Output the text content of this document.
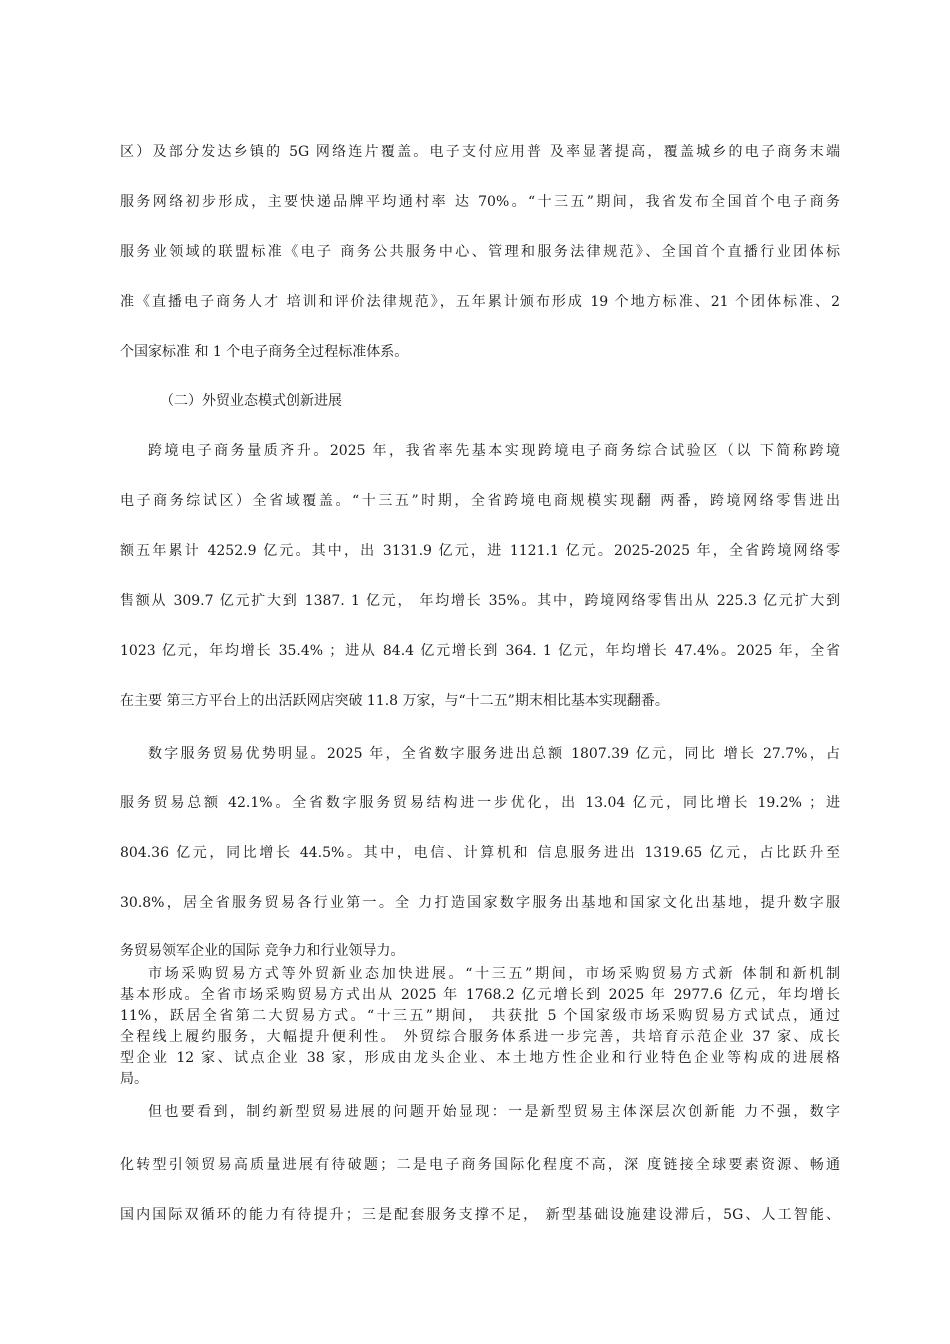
区）及部分发达乡镇的 5G 网络连片覆盖。电子支付应用普 及率显著提高，覆盖城乡的电子商务末端
服务网络初步形成，主要快递品牌平均通村率 达 70%。“十三五”期间，我省发布全国首个电子商务
服务业领域的联盟标准《电子 商务公共服务中心、管理和服务法律规范》、全国首个直播行业团体标
准《直播电子商务人才 培训和评价法律规范》，五年累计颁布形成 19 个地方标准、21 个团体标准、2
个国家标准 和 1 个电子商务全过程标准体系。
（二）外贸业态模式创新进展
跨境电子商务量质齐升。2025 年，我省率先基本实现跨境电子商务综合试验区（以 下简称跨境
电子商务综试区）全省域覆盖。“十三五”时期，全省跨境电商规模实现翻 两番，跨境网络零售进出
额五年累计 4252.9 亿元。其中，出 3131.9 亿元，进 1121.1 亿元。2025-2025 年，全省跨境网络零
售额从 309.7 亿元扩大到 1387. 1 亿元， 年均增长 35%。其中，跨境网络零售出从 225.3 亿元扩大到
1023 亿元，年均增长 35.4% ；进从 84.4 亿元增长到 364. 1 亿元，年均增长 47.4%。2025 年，全省
在主要 第三方平台上的出活跃网店突破 11.8 万家，与“十二五”期末相比基本实现翻番。
数字服务贸易优势明显。2025 年，全省数字服务进出总额 1807.39 亿元，同比 增长 27.7%，占
服务贸易总额 42.1%。全省数字服务贸易结构进一步优化，出 13.04 亿元，同比增长 19.2% ；进
804.36 亿元，同比增长 44.5%。其中，电信、计算机和 信息服务进出 1319.65 亿元，占比跃升至
30.8%，居全省服务贸易各行业第一。全 力打造国家数字服务出基地和国家文化出基地，提升数字服
务贸易领军企业的国际 竞争力和行业领导力。
市场采购贸易方式等外贸新业态加快进展。“十三五”期间，市场采购贸易方式新 体制和新机制
基本形成。全省市场采购贸易方式出从 2025 年 1768.2 亿元增长到 2025 年 2977.6 亿元，年均增长
11%，跃居全省第二大贸易方式。“十三五”期间， 共获批 5 个国家级市场采购贸易方式试点，通过
全程线上履约服务，大幅提升便利性。 外贸综合服务体系进一步完善，共培育示范企业 37 家、成长
型企业 12 家、试点企业 38 家，形成由龙头企业、本土地方性企业和行业特色企业等构成的进展格
局。
但也要看到，制约新型贸易进展的问题开始显现：一是新型贸易主体深层次创新能 力不强，数字
化转型引领贸易高质量进展有待破题；二是电子商务国际化程度不高，深 度链接全球要素资源、畅通
国内国际双循环的能力有待提升；三是配套服务支撑不足， 新型基础设施建设滞后，5G、人工智能、
